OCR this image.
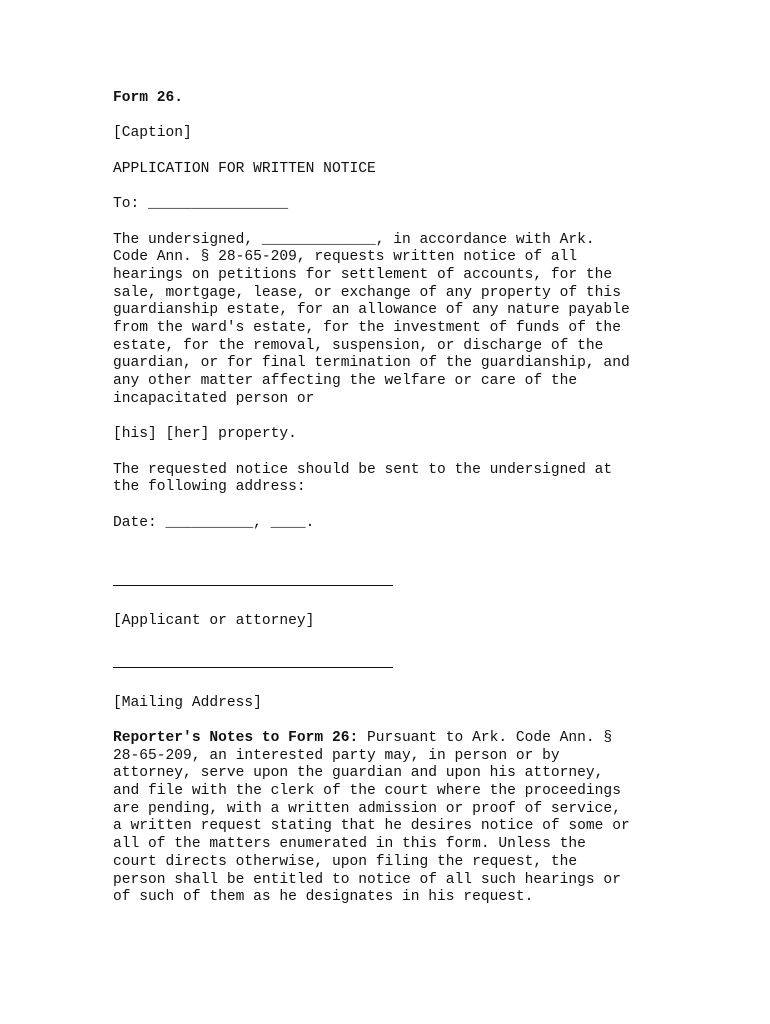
Form 26.
[Caption]
APPLICATION FOR WRITTEN NOTICE
To: ________________
The undersigned, _____________, in accordance with Ark.
Code Ann. § 28-65-209, requests written notice of all
hearings on petitions for settlement of accounts, for the
sale, mortgage, lease, or exchange of any property of this
guardianship estate, for an allowance of any nature payable
from the ward's estate, for the investment of funds of the
estate, for the removal, suspension, or discharge of the
guardian, or for final termination of the guardianship, and
any other matter affecting the welfare or care of the
incapacitated person or
[his] [her] property.
The requested notice should be sent to the undersigned at
the following address:
Date: __________, ____.
[Applicant or attorney]
[Mailing Address]
Reporter's Notes to Form 26: Pursuant to Ark. Code Ann. §
28-65-209, an interested party may, in person or by
attorney, serve upon the guardian and upon his attorney,
and file with the clerk of the court where the proceedings
are pending, with a written admission or proof of service,
a written request stating that he desires notice of some or
all of the matters enumerated in this form. Unless the
court directs otherwise, upon filing the request, the
person shall be entitled to notice of all such hearings or
of such of them as he designates in his request.
